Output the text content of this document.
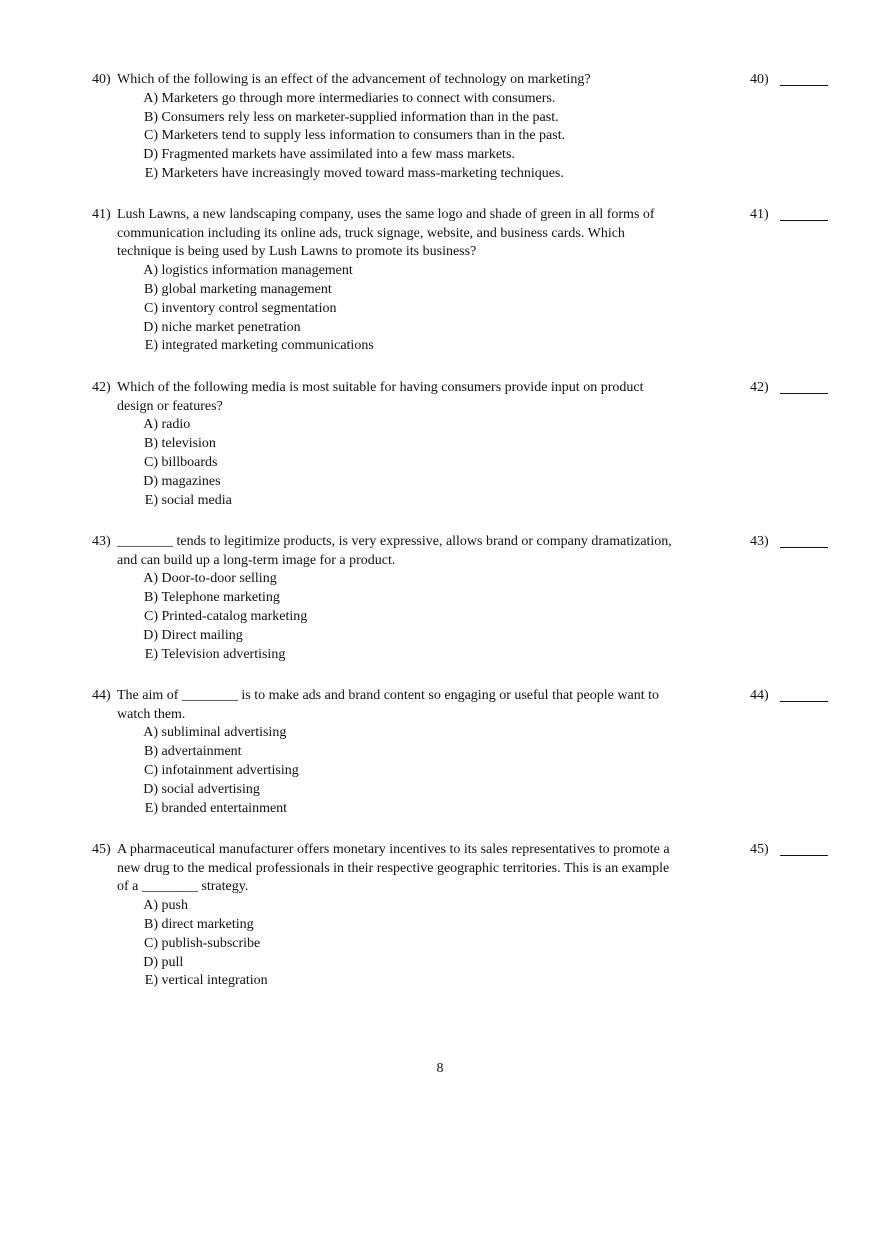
40) Which of the following is an effect of the advancement of technology on marketing?
A) Marketers go through more intermediaries to connect with consumers.
B) Consumers rely less on marketer-supplied information than in the past.
C) Marketers tend to supply less information to consumers than in the past.
D) Fragmented markets have assimilated into a few mass markets.
E) Marketers have increasingly moved toward mass-marketing techniques.
40)
41) Lush Lawns, a new landscaping company, uses the same logo and shade of green in all forms of communication including its online ads, truck signage, website, and business cards. Which technique is being used by Lush Lawns to promote its business?
A) logistics information management
B) global marketing management
C) inventory control segmentation
D) niche market penetration
E) integrated marketing communications
41)
42) Which of the following media is most suitable for having consumers provide input on product design or features?
A) radio
B) television
C) billboards
D) magazines
E) social media
42)
43) ________ tends to legitimize products, is very expressive, allows brand or company dramatization, and can build up a long-term image for a product.
A) Door-to-door selling
B) Telephone marketing
C) Printed-catalog marketing
D) Direct mailing
E) Television advertising
43)
44) The aim of ________ is to make ads and brand content so engaging or useful that people want to watch them.
A) subliminal advertising
B) advertainment
C) infotainment advertising
D) social advertising
E) branded entertainment
44)
45) A pharmaceutical manufacturer offers monetary incentives to its sales representatives to promote a new drug to the medical professionals in their respective geographic territories. This is an example of a ________ strategy.
A) push
B) direct marketing
C) publish-subscribe
D) pull
E) vertical integration
45)
8
